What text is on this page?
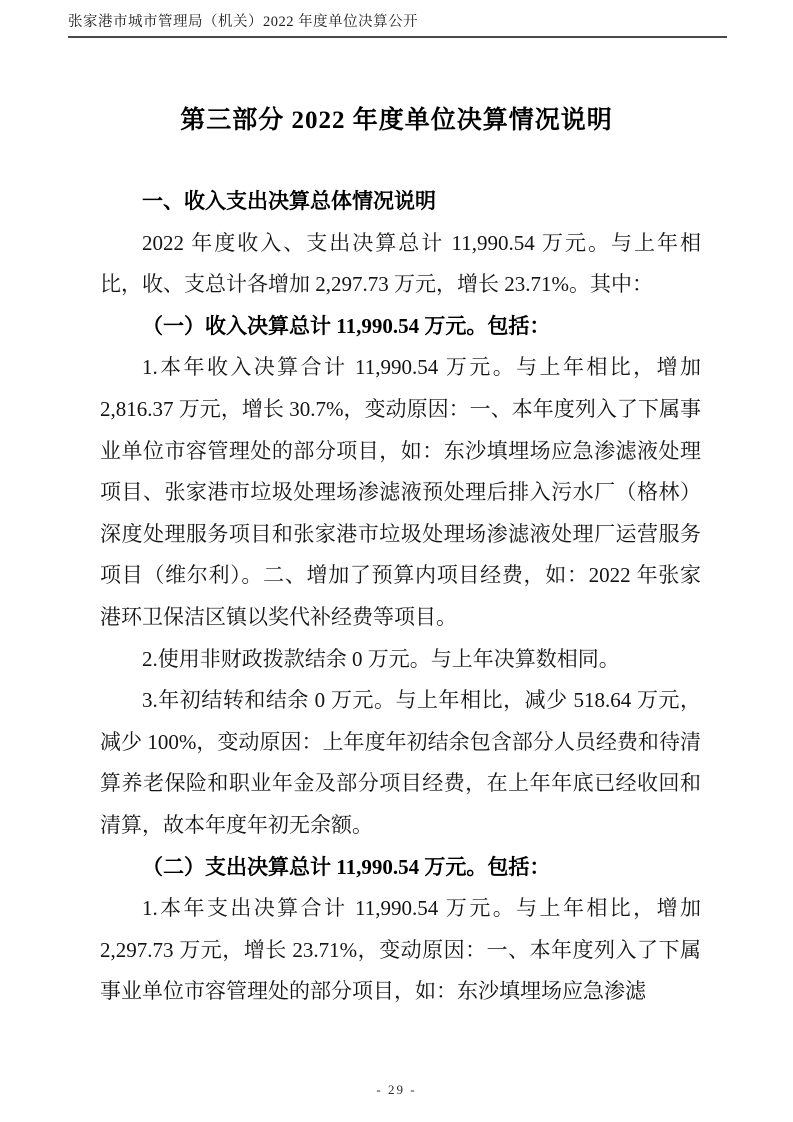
张家港市城市管理局（机关）2022 年度单位决算公开
第三部分 2022 年度单位决算情况说明
一、收入支出决算总体情况说明

2022 年度收入、支出决算总计 11,990.54 万元。与上年相比，收、支总计各增加 2,297.73 万元，增长 23.71%。其中：

（一）收入决算总计 11,990.54 万元。包括：

1.本年收入决算合计 11,990.54 万元。与上年相比，增加 2,816.37 万元，增长 30.7%，变动原因：一、本年度列入了下属事业单位市容管理处的部分项目，如：东沙填埋场应急渗滤液处理项目、张家港市垃圾处理场渗滤液预处理后排入污水厂（格林）深度处理服务项目和张家港市垃圾处理场渗滤液处理厂运营服务项目（维尔利）。二、增加了预算内项目经费，如：2022 年张家港环卫保洁区镇以奖代补经费等项目。

2.使用非财政拨款结余 0 万元。与上年决算数相同。

3.年初结转和结余 0 万元。与上年相比，减少 518.64 万元，减少 100%，变动原因：上年度年初结余包含部分人员经费和待清算养老保险和职业年金及部分项目经费，在上年年底已经收回和清算，故本年度年初无余额。

（二）支出决算总计 11,990.54 万元。包括：

1.本年支出决算合计 11,990.54 万元。与上年相比，增加 2,297.73 万元，增长 23.71%，变动原因：一、本年度列入了下属事业单位市容管理处的部分项目，如：东沙填埋场应急渗滤

- 29 -
